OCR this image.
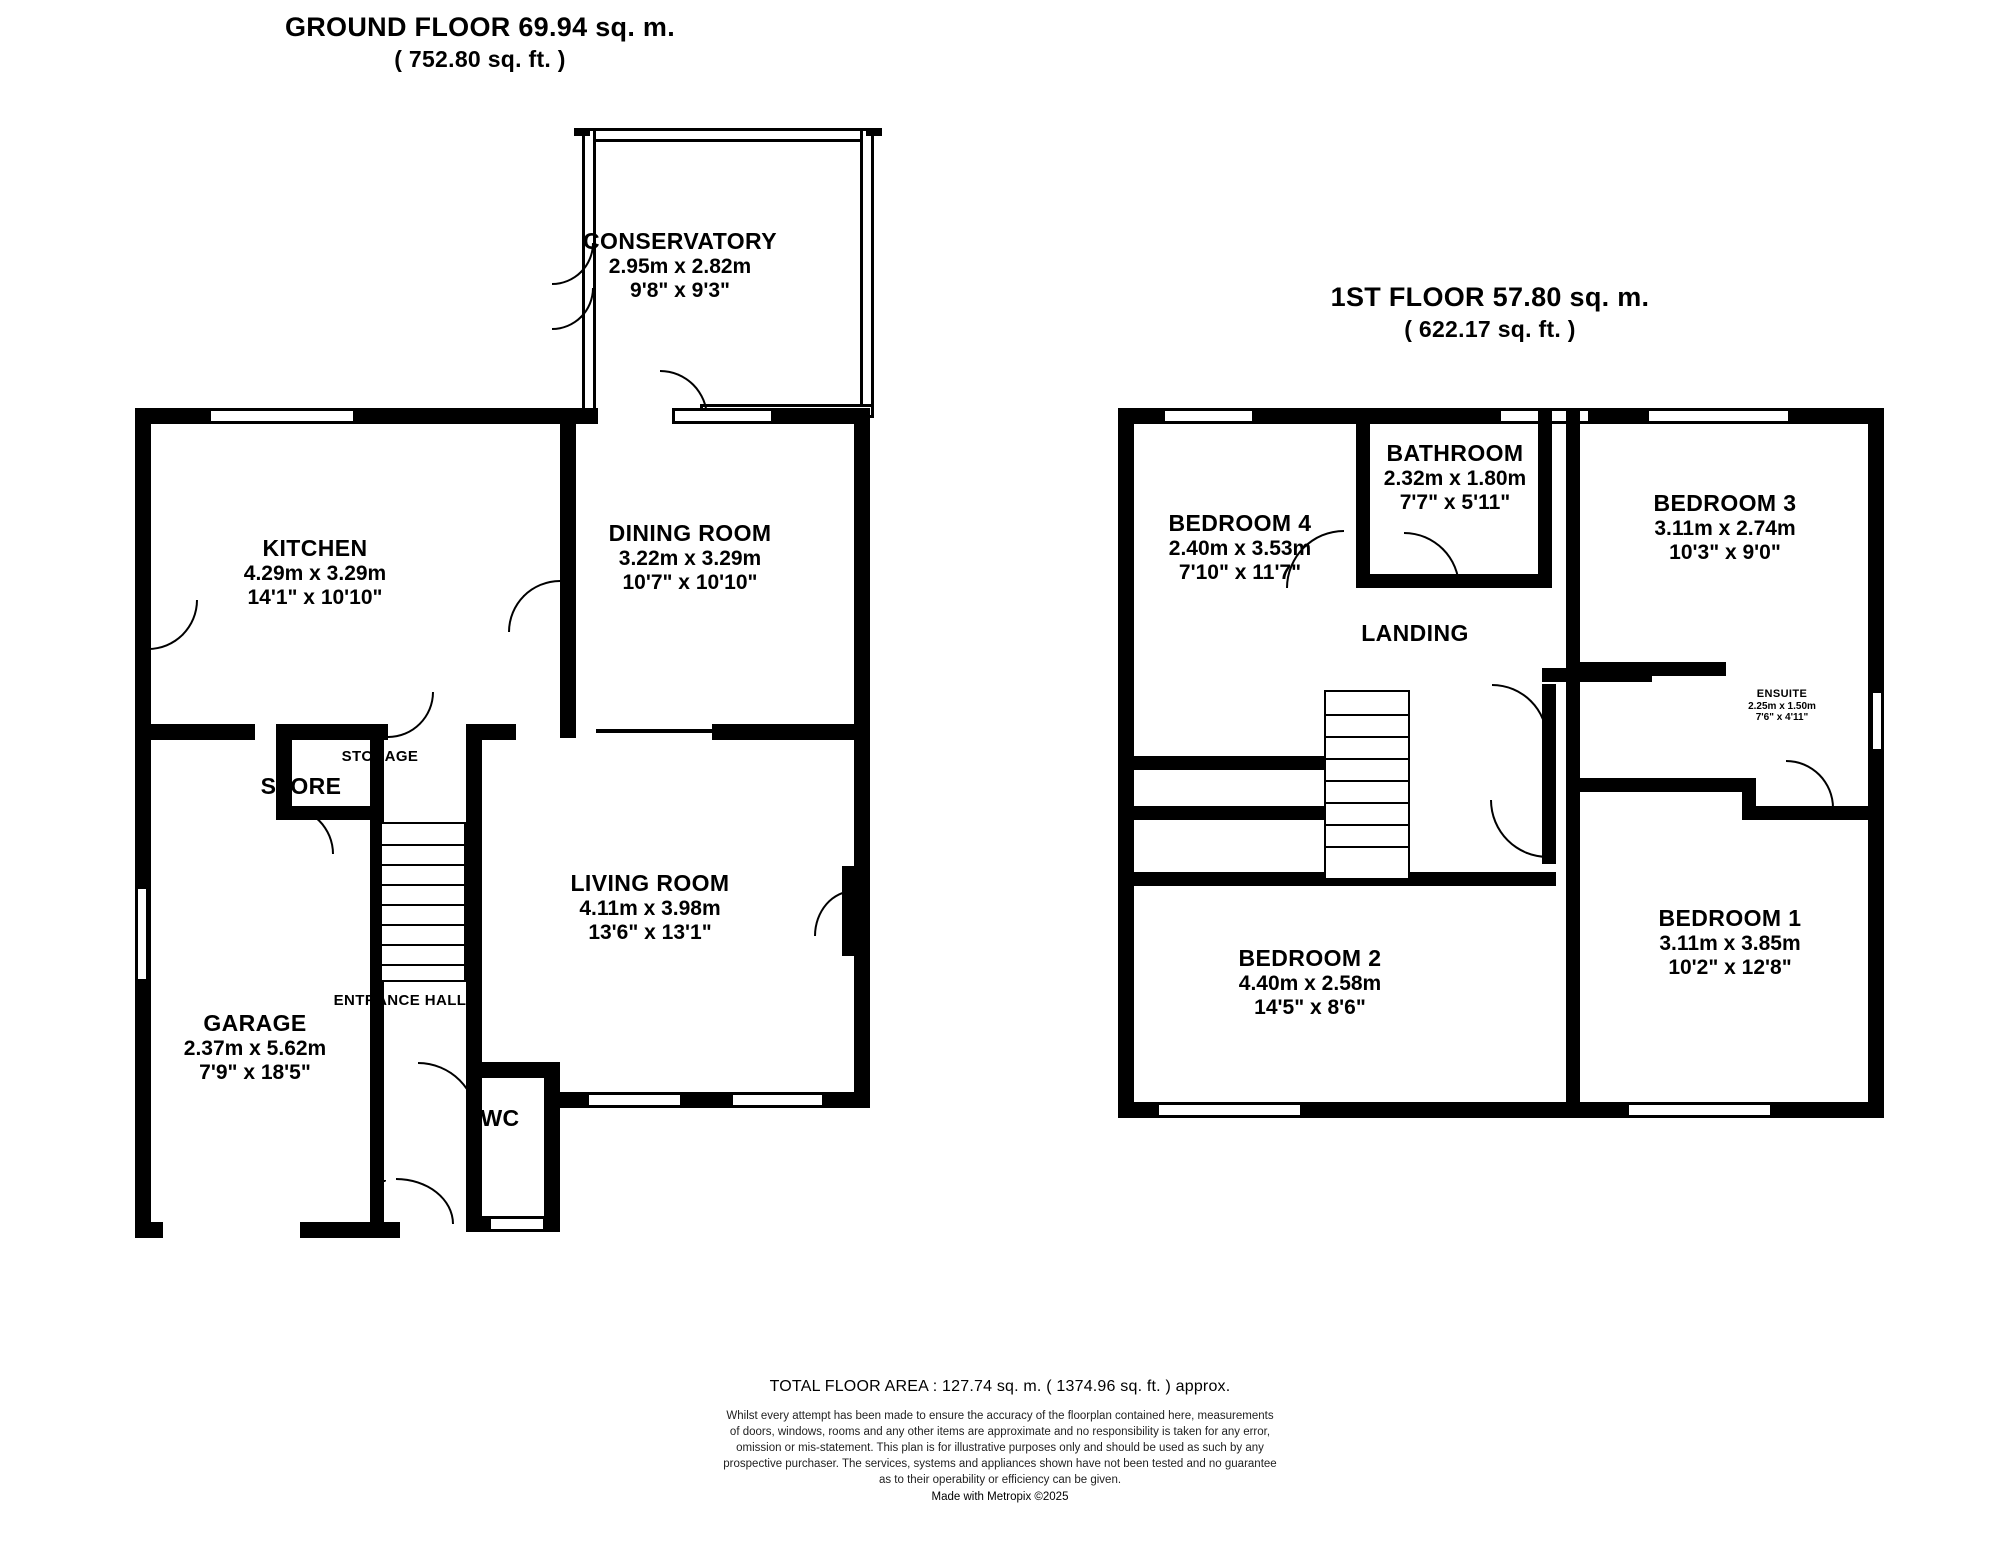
GROUND FLOOR 69.94 sq. m.
( 752.80 sq. ft. )
1ST FLOOR 57.80 sq. m.
( 622.17 sq. ft. )
CONSERVATORY
2.95m x 2.82m
9'8" x 9'3"
KITCHEN
4.29m x 3.29m
14'1" x 10'10"
DINING ROOM
3.22m x 3.29m
10'7" x 10'10"
LIVING ROOM
4.11m x 3.98m
13'6" x 13'1"
GARAGE
2.37m x 5.62m
7'9" x 18'5"
STORE
STORAGE
ENTRANCE HALL
WC
BEDROOM 4
2.40m x 3.53m
7'10" x 11'7"
BATHROOM
2.32m x 1.80m
7'7" x 5'11"	BEDROOM 3
3.11m x 2.74m
10'3" x 9'0"
LANDING
ENSUITE
2.25m x 1.50m
7'6" x 4'11"
BEDROOM 1
3.11m x 3.85m
10'2" x 12'8"
BEDROOM 2
4.40m x 2.58m
14'5" x 8'6"
TOTAL FLOOR AREA : 127.74 sq. m. ( 1374.96 sq. ft. ) approx.
Whilst every attempt has been made to ensure the accuracy of the floorplan contained here, measurements
of doors, windows, rooms and any other items are approximate and no responsibility is taken for any error,
omission or mis-statement. This plan is for illustrative purposes only and should be used as such by any
prospective purchaser. The services, systems and appliances shown have not been tested and no guarantee
as to their operability or efficiency can be given.
Made with Metropix ©2025
